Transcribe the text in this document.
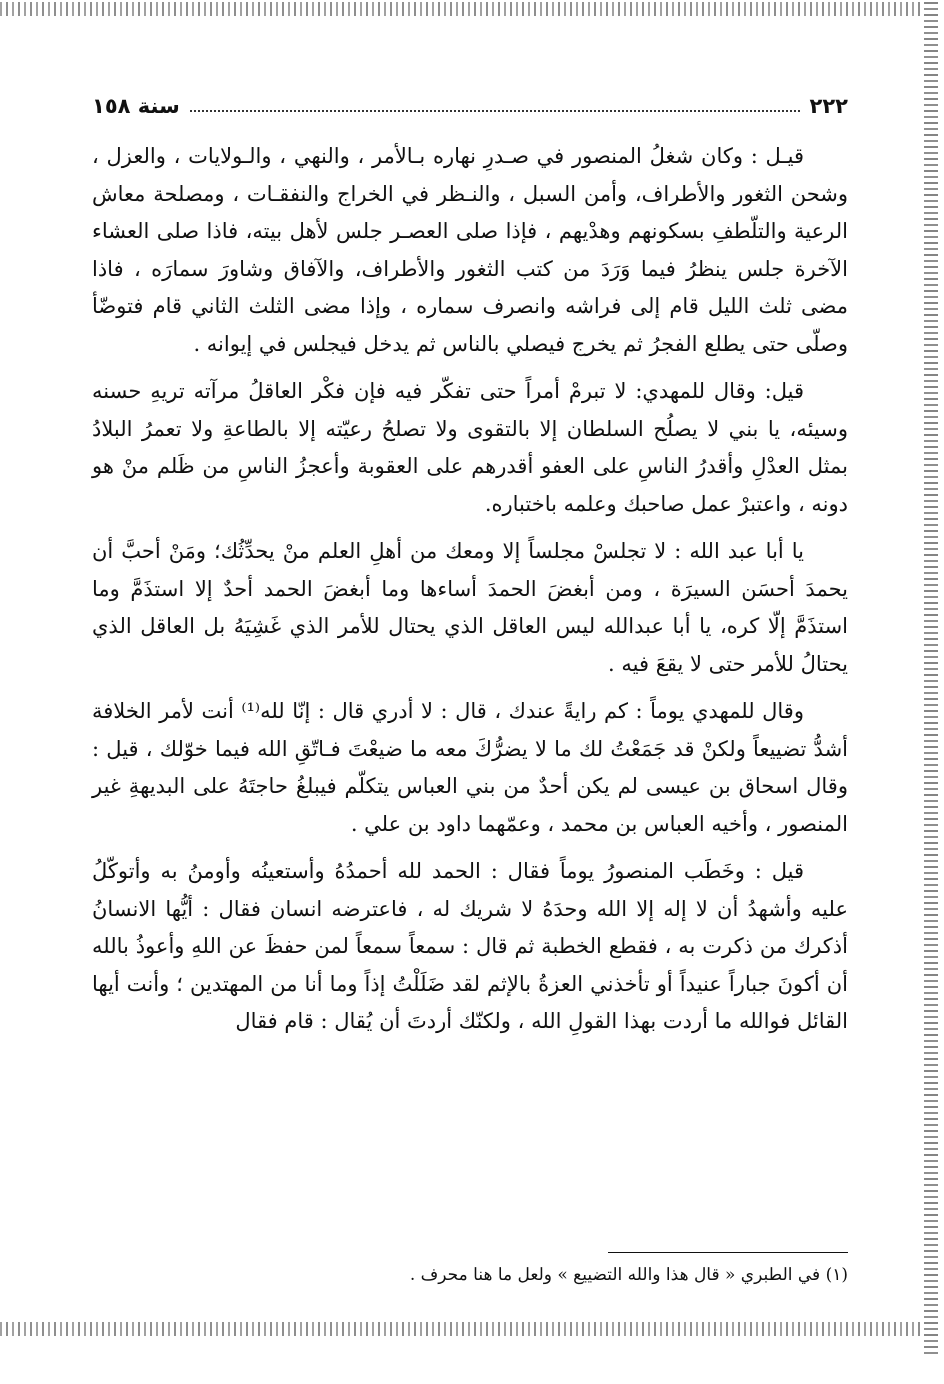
٢٢٢
سنة ١٥٨

قيـل : وكان شغلُ المنصور في صـدرِ نهاره بـالأمر ، والنهي ، والـولايات ، والعزل ، وشحن الثغور والأطراف، وأمن السبل ، والنـظر في الخراج والنفقـات ، ومصلحة معاش الرعية والتلّطفِ بسكونهم وهدْيهم ، فإذا صلى العصـر جلس لأهل بيته، فاذا صلى العشاء الآخرة جلس ينظرُ فيما وَرَدَ من كتب الثغور والأطراف، والآفاق وشاورَ سمارَه ، فاذا مضى ثلث الليل قام إلى فراشه وانصرف سماره ، وإذا مضى الثلث الثاني قام فتوضّأ وصلّى حتى يطلع الفجرُ ثم يخرج فيصلي بالناس ثم يدخل فيجلس في إيوانه .

قيل: وقال للمهدي: لا تبرمْ أمراً حتى تفكّر فيه فإن فكْر العاقلُ مرآته تريهِ حسنه وسيئه، يا بني لا يصلُح السلطان إلا بالتقوى ولا تصلحُ رعيّته إلا بالطاعةِ ولا تعمرُ البلادُ بمثل العدْلِ وأقدرُ الناسِ على العفو أقدرهم على العقوبة وأعجزُ الناسِ من ظَلم منْ هو دونه ، واعتبرْ عمل صاحبك وعلمه باختباره.

يا أبا عبد الله : لا تجلسْ مجلساً إلا ومعك من أهلِ العلم منْ يحدِّثُك؛ ومَنْ أحبَّ أن يحمدَ أحسَن السيرَة ، ومن أبغضَ الحمدَ أساءها وما أبغضَ الحمد أحدٌ إلا استذَمَّ وما استذَمَّ إلّا كره، يا أبا عبدالله ليس العاقل الذي يحتال للأمر الذي غَشِيَهُ بل العاقل الذي يحتالُ للأمر حتى لا يقعَ فيه .

وقال للمهدي يوماً : كم رايةً عندك ، قال : لا أدري قال : إنّا لله⁽¹⁾ أنت لأمر الخلافة أشدُّ تضييعاً ولكنْ قد جَمَعْتُ لك ما لا يضرُّكَ معه ما ضيعْتَ فـاتّقِ الله فيما خوّلك ، قيل : وقال اسحاق بن عيسى لم يكن أحدٌ من بني العباس يتكلّم فيبلغُ حاجتَهُ على البديهةِ غير المنصور ، وأخيه العباس بن محمد ، وعمّهما داود بن علي .

قيل : وخَطَب المنصورُ يوماً فقال : الحمد لله أحمدُهُ وأستعينُه وأومنُ به وأتوكّلُ عليه وأشهدُ أن لا إله إلا الله وحدَهُ لا شريك له ، فاعترضه انسان فقال : أيُّها الانسانُ أذكرك من ذكرت به ، فقطع الخطبة ثم قال : سمعاً سمعاً لمن حفظَ عن اللهِ وأعوذُ بالله أن أكونَ جباراً عنيداً أو تأخذني العزةُ بالإثم لقد ضَلَلْتُ إذاً وما أنا من المهتدين ؛ وأنت أيها القائل فوالله ما أردت بهذا القولِ الله ، ولكنّك أردتَ أن يُقال : قام فقال

(١) في الطبري « قال هذا والله التضييع » ولعل ما هنا محرف .
